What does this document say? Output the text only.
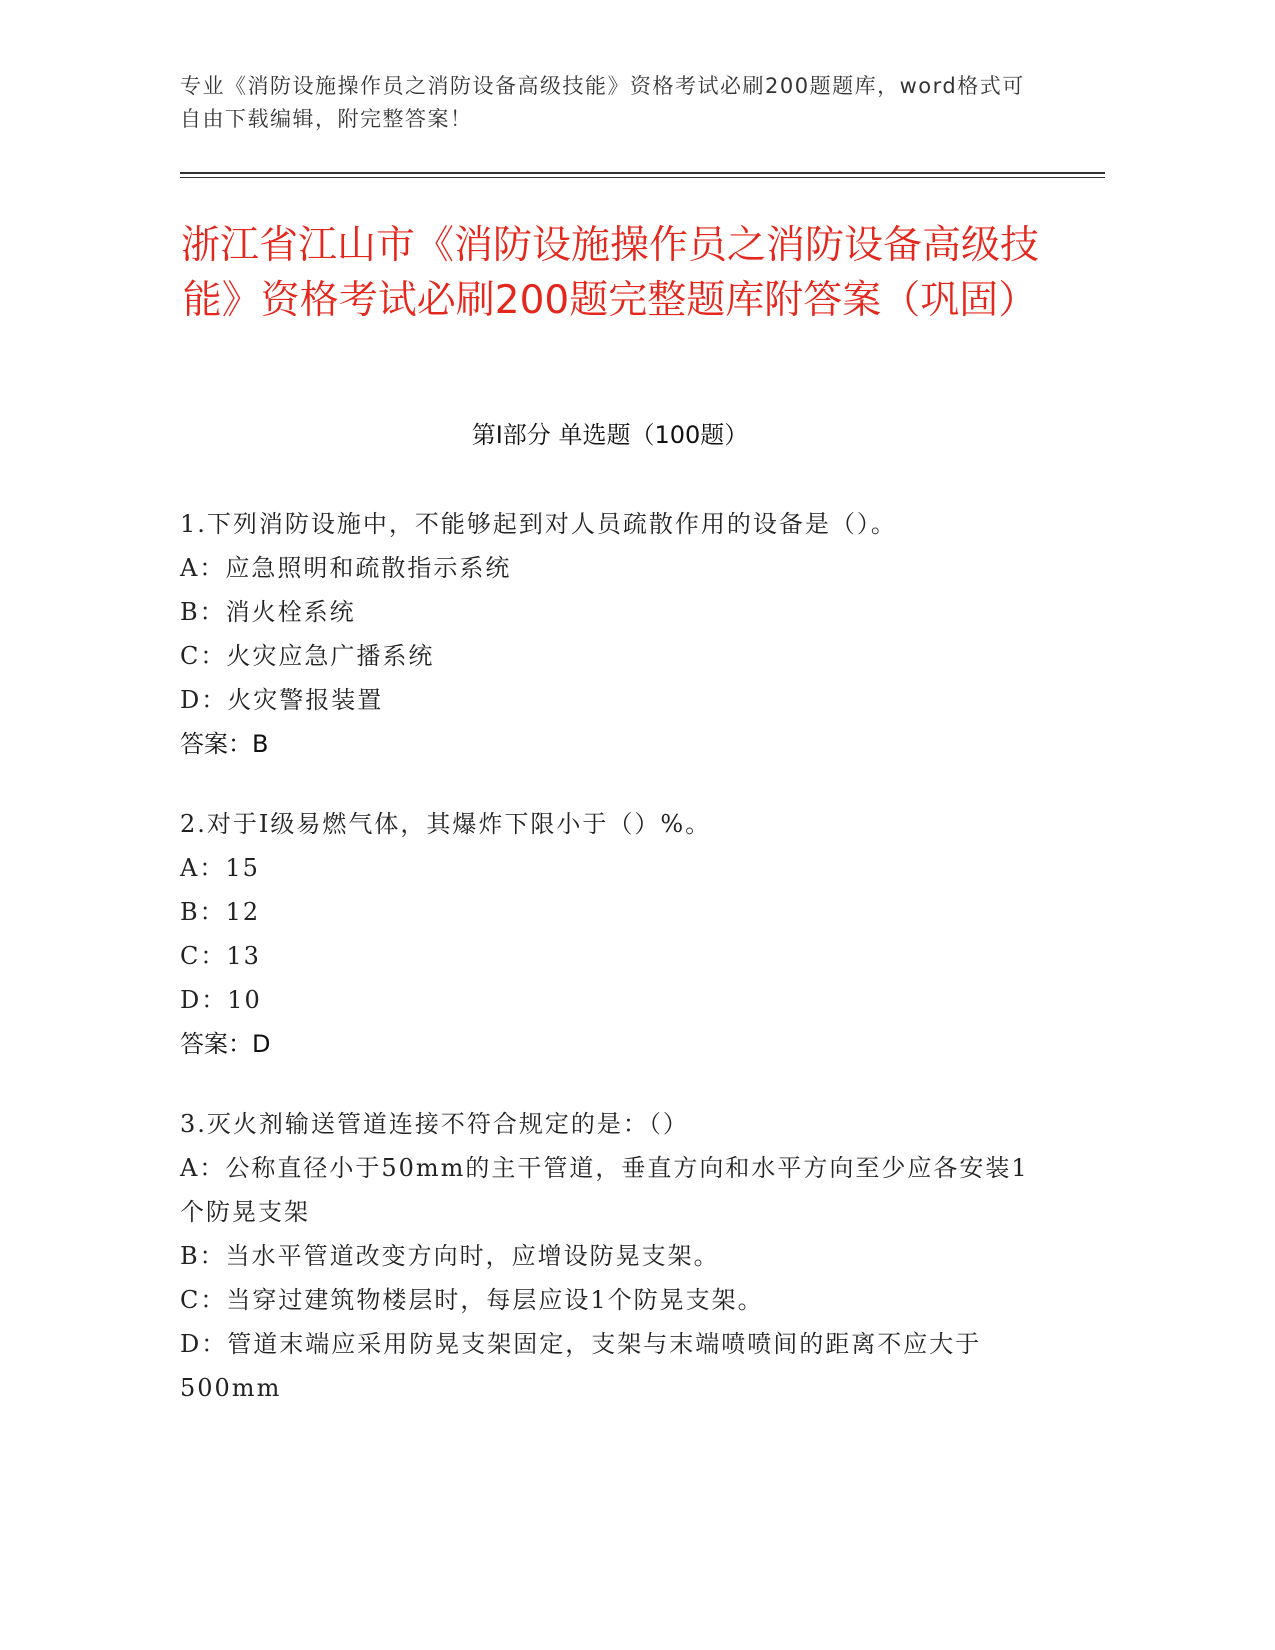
专业《消防设施操作员之消防设备高级技能》资格考试必刷200题题库，word格式可自由下载编辑，附完整答案！
浙江省江山市《消防设施操作员之消防设备高级技能》资格考试必刷200题完整题库附答案（巩固）
第I部分 单选题（100题）
1.下列消防设施中，不能够起到对人员疏散作用的设备是（）。
A：应急照明和疏散指示系统
B：消火栓系统
C：火灾应急广播系统
D：火灾警报装置
答案：B
2.对于Ⅰ级易燃气体，其爆炸下限小于（）%。
A：15
B：12
C：13
D：10
答案：D
3.灭火剂输送管道连接不符合规定的是：（）
A：公称直径小于50mm的主干管道，垂直方向和水平方向至少应各安装1个防晃支架
B：当水平管道改变方向时，应增设防晃支架。
C：当穿过建筑物楼层时，每层应设1个防晃支架。
D：管道末端应采用防晃支架固定，支架与末端喷喷间的距离不应大于500mm
